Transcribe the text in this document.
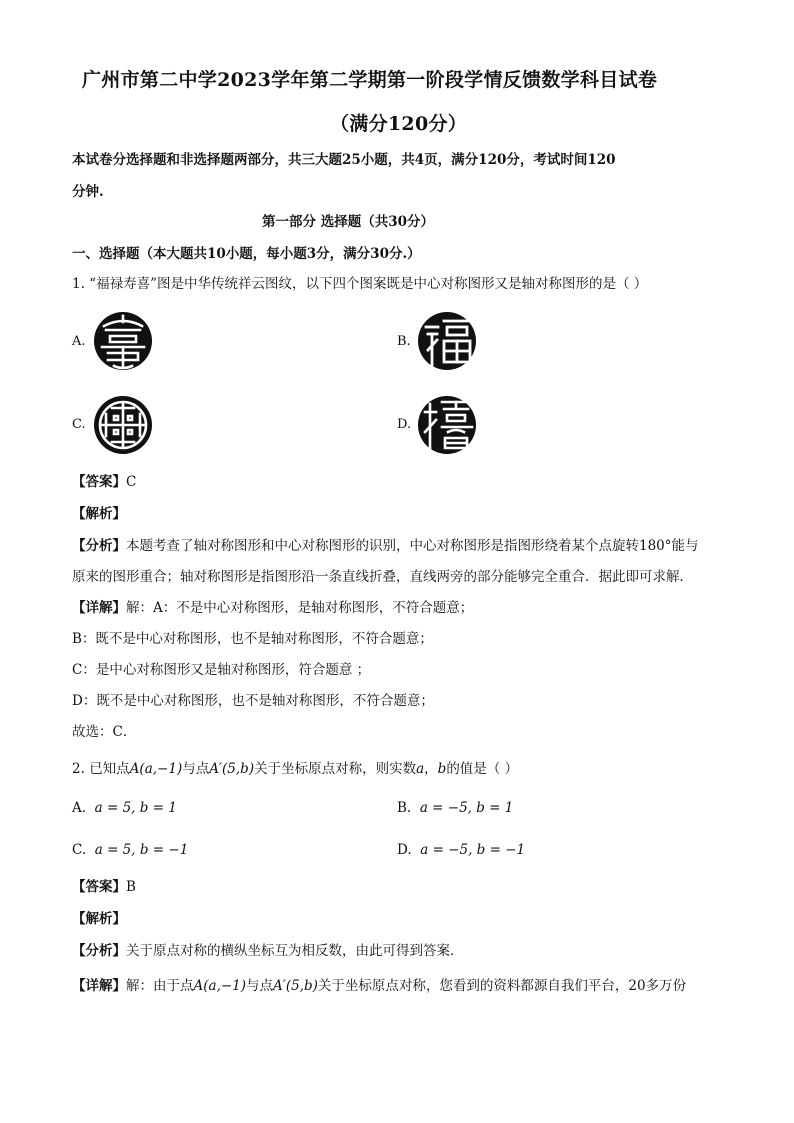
广州市第二中学2023学年第二学期第一阶段学情反馈数学科目试卷
（满分120分）
本试卷分选择题和非选择题两部分，共三大题25小题，共4页，满分120分，考试时间120
分钟.
第一部分 选择题（共30分）
一、选择题（本大题共10小题，每小题3分，满分30分.）
1. “福禄寿喜”图是中华传统祥云图纹，以下四个图案既是中心对称图形又是轴对称图形的是（ ）
A.	B.
C.	D.
【答案】C
【解析】
【分析】本题考查了轴对称图形和中心对称图形的识别，中心对称图形是指图形绕着某个点旋转180°能与
原来的图形重合；轴对称图形是指图形沿一条直线折叠，直线两旁的部分能够完全重合．据此即可求解．
【详解】解：A：不是中心对称图形，是轴对称图形，不符合题意；
B：既不是中心对称图形，也不是轴对称图形，不符合题意；
C：是中心对称图形又是轴对称图形，符合题意 ；
D：既不是中心对称图形，也不是轴对称图形，不符合题意；
故选：C．
2. 已知点A(a,−1)与点A′(5,b)关于坐标原点对称，则实数a，b的值是（ ）
A. a = 5, b = 1	B. a = −5, b = 1
C. a = 5, b = −1	D. a = −5, b = −1
【答案】B
【解析】
【分析】关于原点对称的横纵坐标互为相反数，由此可得到答案．
【详解】解：由于点A(a,−1)与点A′(5,b)关于坐标原点对称，您看到的资料都源自我们平台，20多万份
